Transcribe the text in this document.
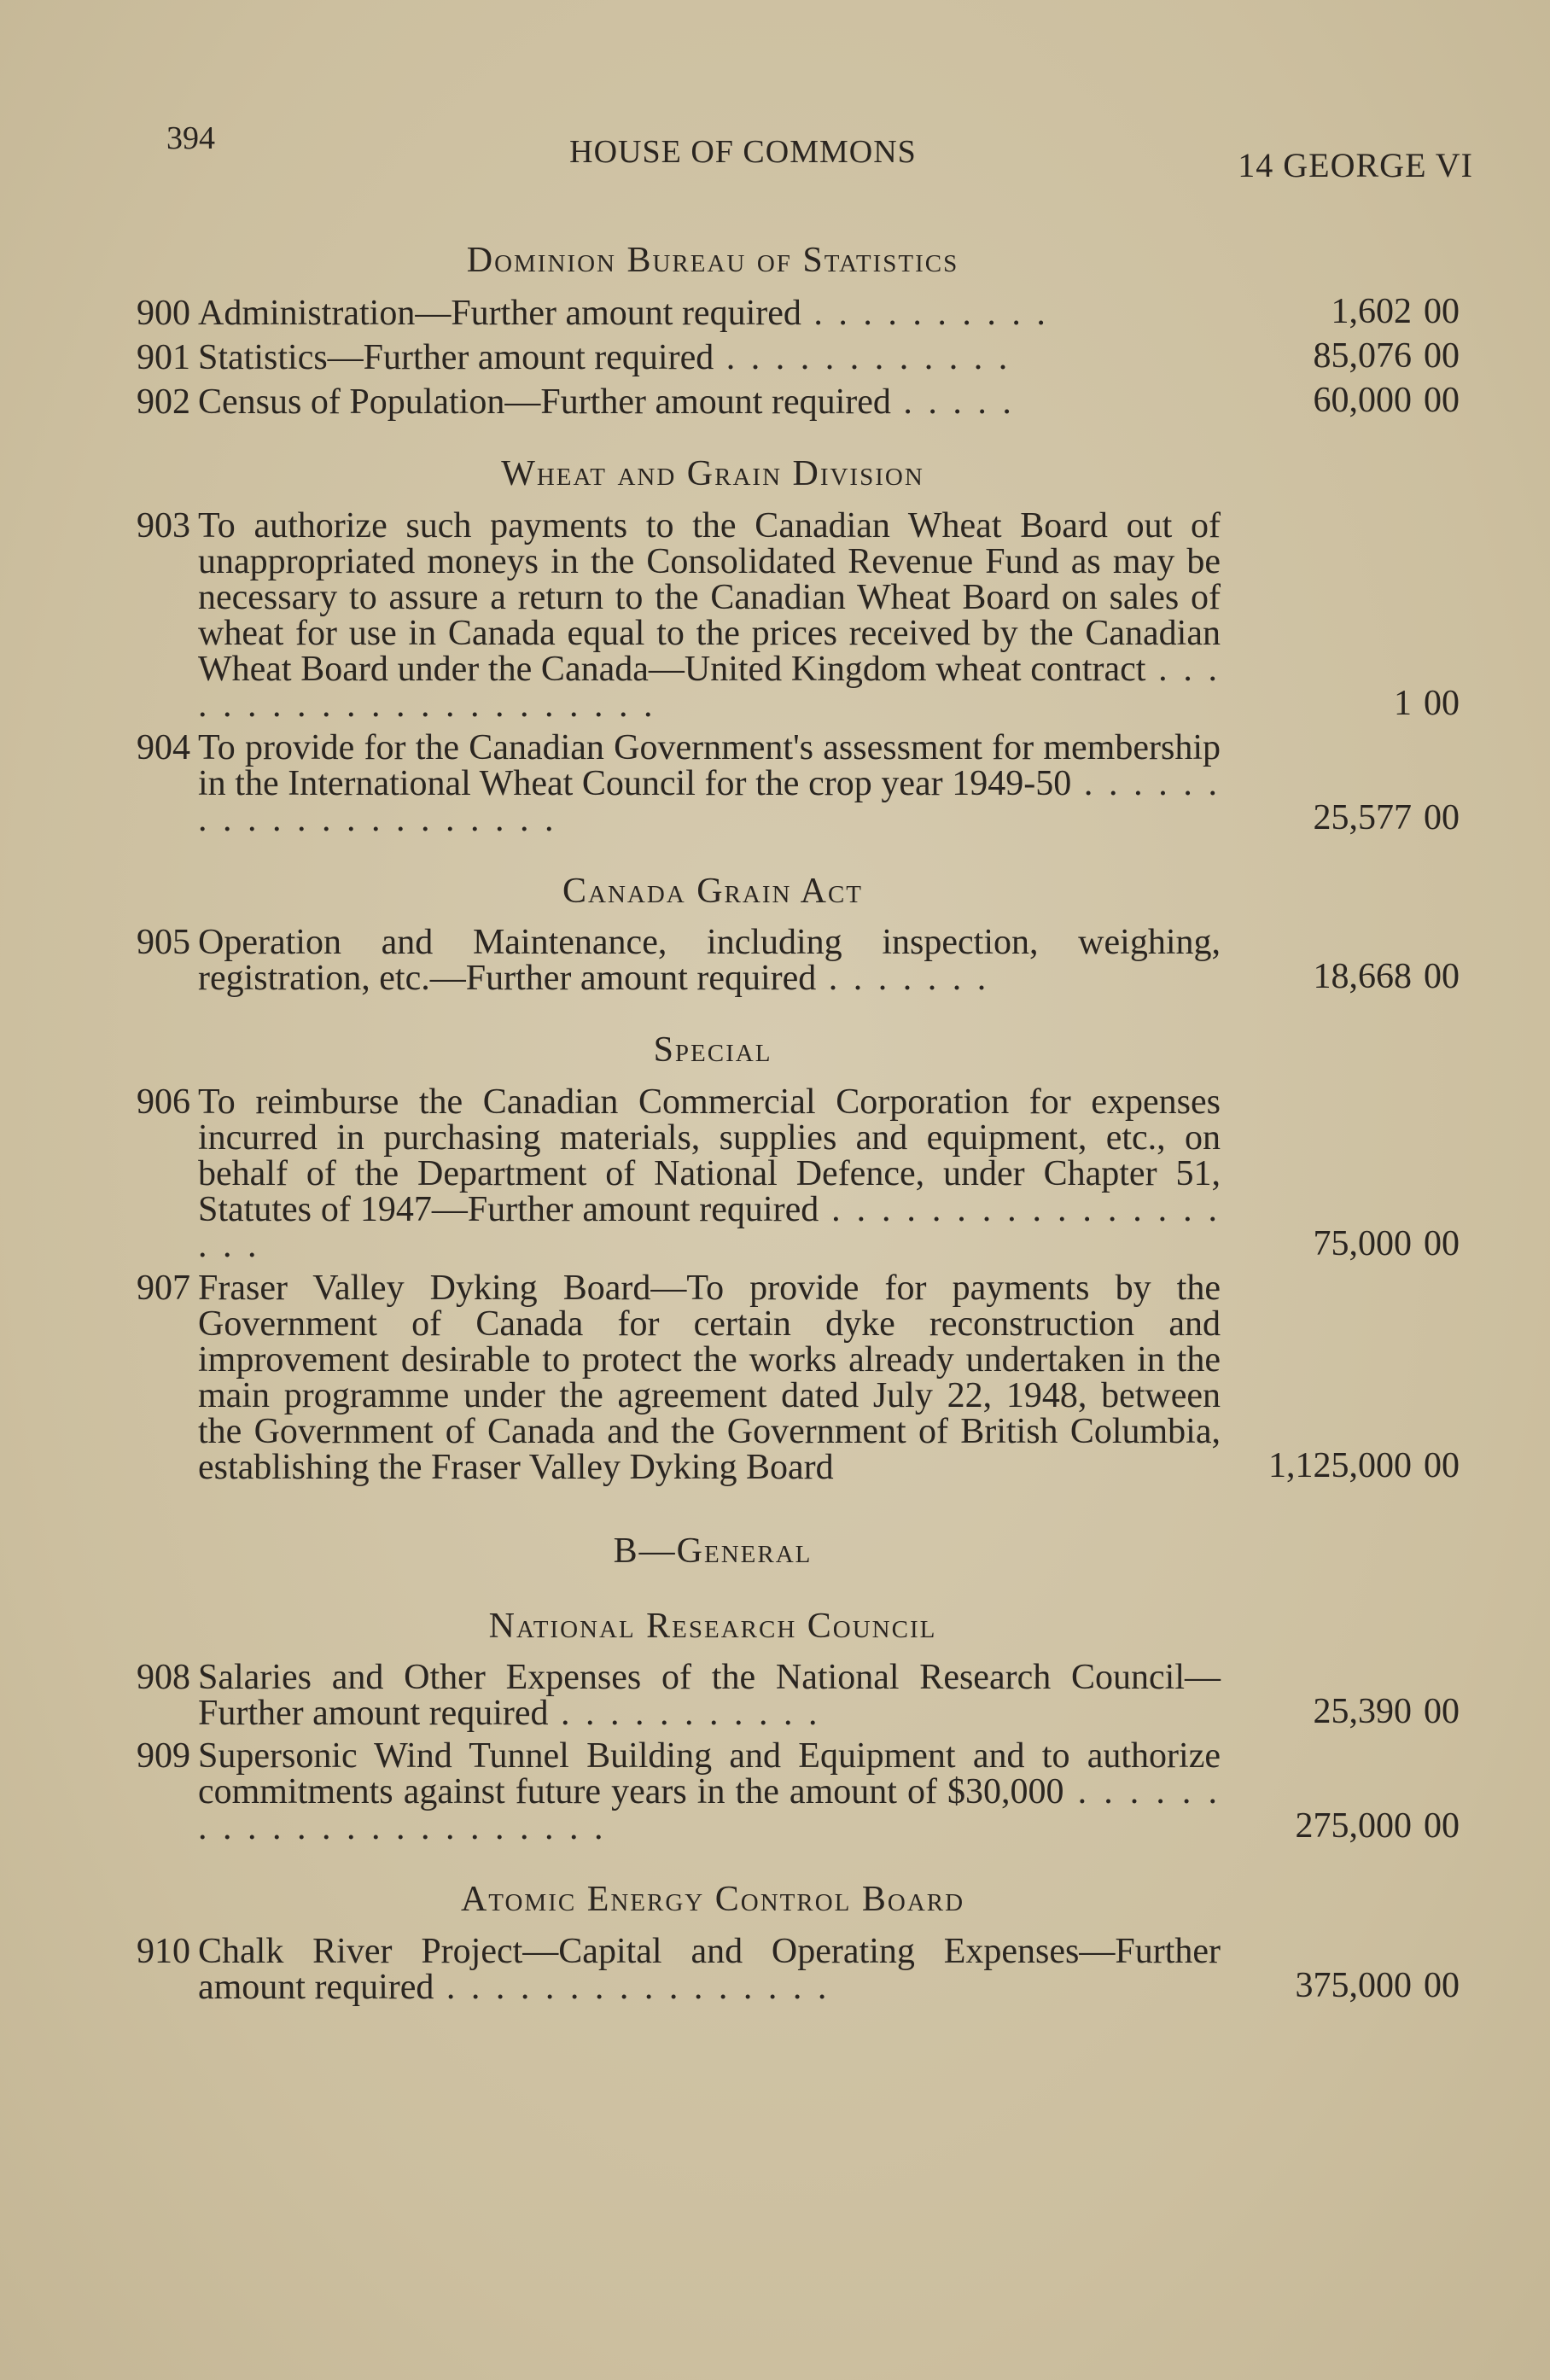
394	HOUSE OF COMMONS	14 GEORGE VI
Dominion Bureau of Statistics
900 Administration—Further amount required . . . . . . . . . .	1,602 00
901 Statistics—Further amount required . . . . . . . . . . . .	85,076 00
902 Census of Population—Further amount required . . . . .	60,000 00
Wheat and Grain Division
903 To authorize such payments to the Canadian Wheat Board out of unappropriated moneys in the Consolidated Revenue Fund as may be necessary to assure a return to the Canadian Wheat Board on sales of wheat for use in Canada equal to the prices received by the Canadian Wheat Board under the Canada—United Kingdom wheat contract . . . . . . . . . . . . . . . . . . . . . .	1 00
904 To provide for the Canadian Government's assessment for membership in the International Wheat Council for the crop year 1949-50 . . . . . . . . . . . . . . . . . . . . .	25,577 00
Canada Grain Act
905 Operation and Maintenance, including inspection, weighing, registration, etc.—Further amount required . . . . . . .	18,668 00
Special
906 To reimburse the Canadian Commercial Corporation for expenses incurred in purchasing materials, supplies and equipment, etc., on behalf of the Department of National Defence, under Chapter 51, Statutes of 1947—Further amount required . . . . . . . . . . . . . . . . . . .	75,000 00
907 Fraser Valley Dyking Board—To provide for payments by the Government of Canada for certain dyke reconstruction and improvement desirable to protect the works already undertaken in the main programme under the agreement dated July 22, 1948, between the Government of Canada and the Government of British Columbia, establishing the Fraser Valley Dyking Board	1,125,000 00
B—General
National Research Council
908 Salaries and Other Expenses of the National Research Council—Further amount required . . . . . . . . . . .	25,390 00
909 Supersonic Wind Tunnel Building and Equipment and to authorize commitments against future years in the amount of $30,000 . . . . . . . . . . . . . . . . . . . . . . .	275,000 00
Atomic Energy Control Board
910 Chalk River Project—Capital and Operating Expenses—Further amount required . . . . . . . . . . . . . . . .	375,000 00
